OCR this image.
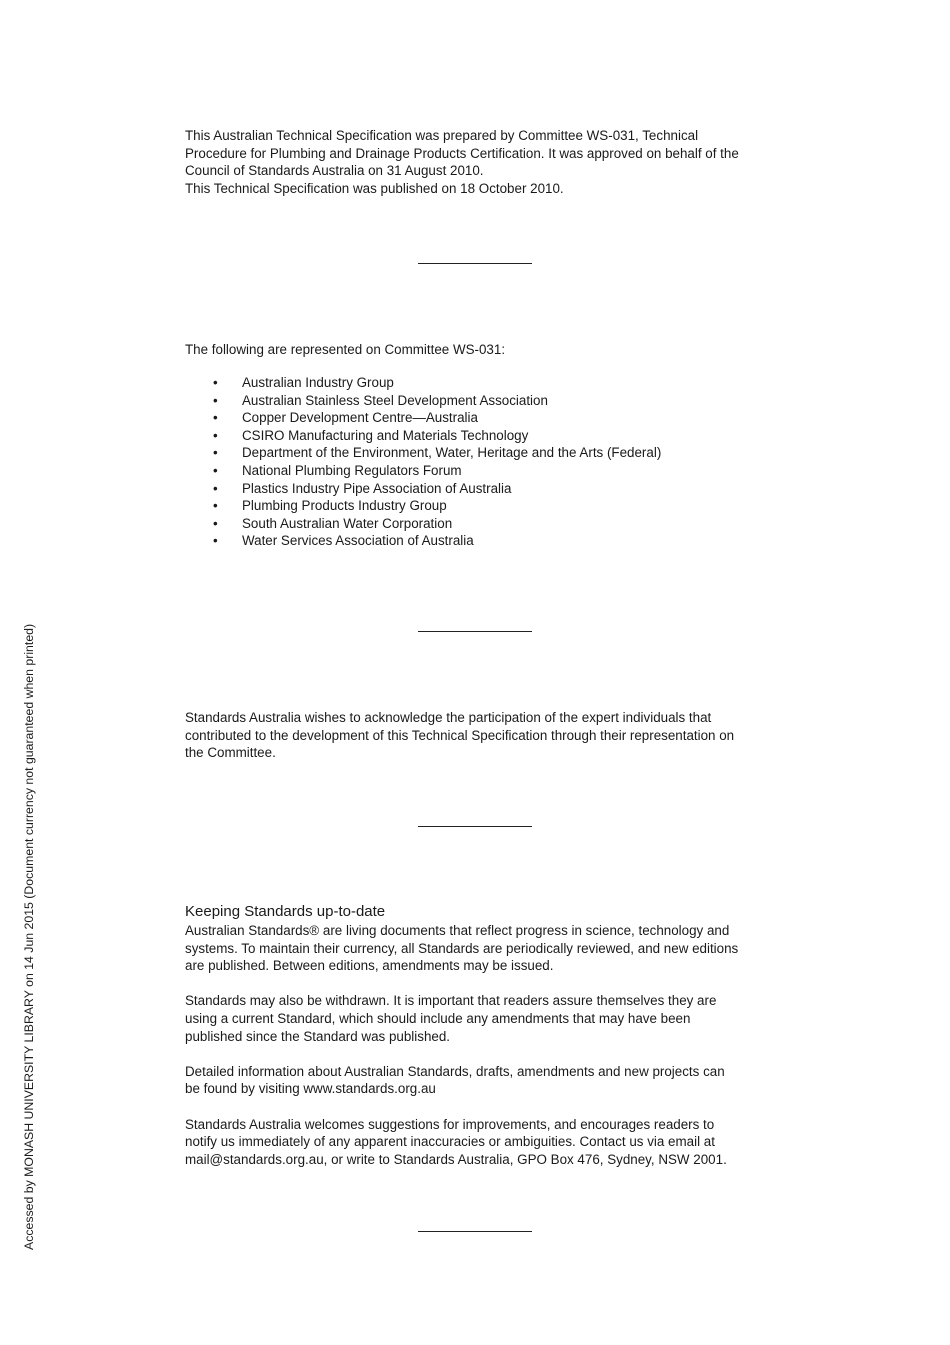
This Australian Technical Specification was prepared by Committee WS-031, Technical

Procedure for Plumbing and Drainage Products Certification. It was approved on behalf of the

Council of Standards Australia on 31 August 2010.

This Technical Specification was published on 18 October 2010.

The following are represented on Committee WS-031:

• Australian Industry Group
• Australian Stainless Steel Development Association
• Copper Development Centre—Australia
• CSIRO Manufacturing and Materials Technology
• Department of the Environment, Water, Heritage and the Arts (Federal)
• National Plumbing Regulators Forum
• Plastics Industry Pipe Association of Australia
• Plumbing Products Industry Group
• South Australian Water Corporation
• Water Services Association of Australia

Standards Australia wishes to acknowledge the participation of the expert individuals that

contributed to the development of this Technical Specification through their representation on

the Committee.

Keeping Standards up-to-date

Australian Standards® are living documents that reflect progress in science, technology and

systems. To maintain their currency, all Standards are periodically reviewed, and new editions

are published. Between editions, amendments may be issued.

Standards may also be withdrawn. It is important that readers assure themselves they are

using a current Standard, which should include any amendments that may have been

published since the Standard was published.

Detailed information about Australian Standards, drafts, amendments and new projects can

be found by visiting www.standards.org.au

Standards Australia welcomes suggestions for improvements, and encourages readers to

notify us immediately of any apparent inaccuracies or ambiguities. Contact us via email at

mail@standards.org.au, or write to Standards Australia, GPO Box 476, Sydney, NSW 2001.

Accessed by MONASH UNIVERSITY LIBRARY on 14 Jun 2015 (Document currency not guaranteed when printed)
